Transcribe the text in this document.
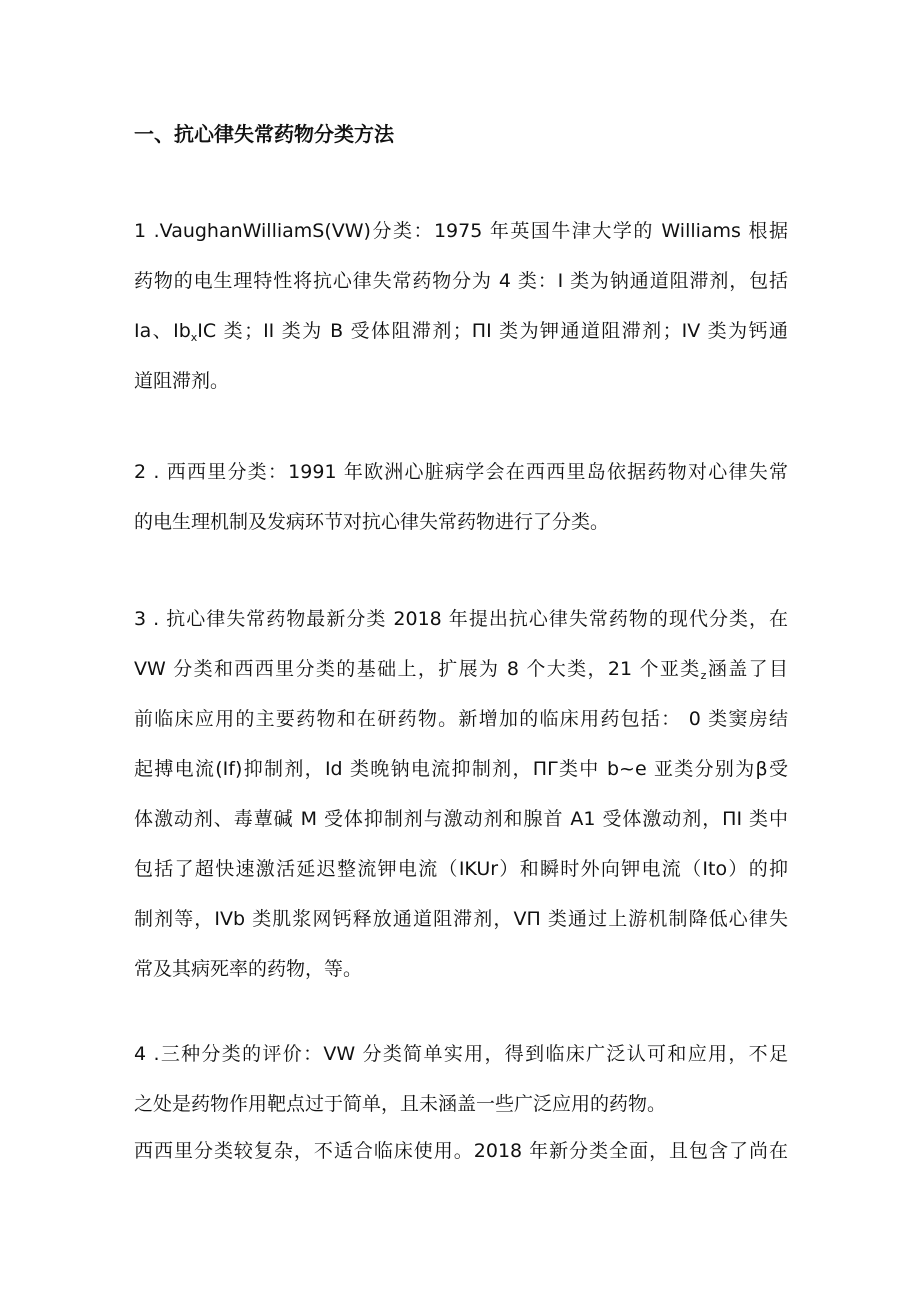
一、抗心律失常药物分类方法
1 .VaughanWilliamS(VW)分类：1975 年英国牛津大学的 Williams 根据
药物的电生理特性将抗心律失常药物分为 4 类：I 类为钠通道阻滞剂，包括
Ia、$Ib_xIC$ 类；II 类为 B 受体阻滞剂；ΠI 类为钾通道阻滞剂；IV 类为钙通
道阻滞剂。
2 . 西西里分类：1991 年欧洲心脏病学会在西西里岛依据药物对心律失常
的电生理机制及发病环节对抗心律失常药物进行了分类。
3 . 抗心律失常药物最新分类 2018 年提出抗心律失常药物的现代分类，在
VW 分类和西西里分类的基础上，扩展为 8 个大类，21 个亚类$_z$涵盖了目
前临床应用的主要药物和在研药物。新增加的临床用药包括： 0 类窦房结
起搏电流(If)抑制剂，Id 类晚钠电流抑制剂，ΠΓ类中 b~e 亚类分别为β受
体激动剂、毒蕈碱 M 受体抑制剂与激动剂和腺首 A1 受体激动剂，ΠI 类中
包括了超快速激活延迟整流钾电流（IKUr）和瞬时外向钾电流（Ito）的抑
制剂等，IVb 类肌浆网钙释放通道阻滞剂，VΠ 类通过上游机制降低心律失
常及其病死率的药物，等。
4 .三种分类的评价：VW 分类简单实用，得到临床广泛认可和应用，不足
之处是药物作用靶点过于简单，且未涵盖一些广泛应用的药物。
西西里分类较复杂，不适合临床使用。2018 年新分类全面，且包含了尚在
